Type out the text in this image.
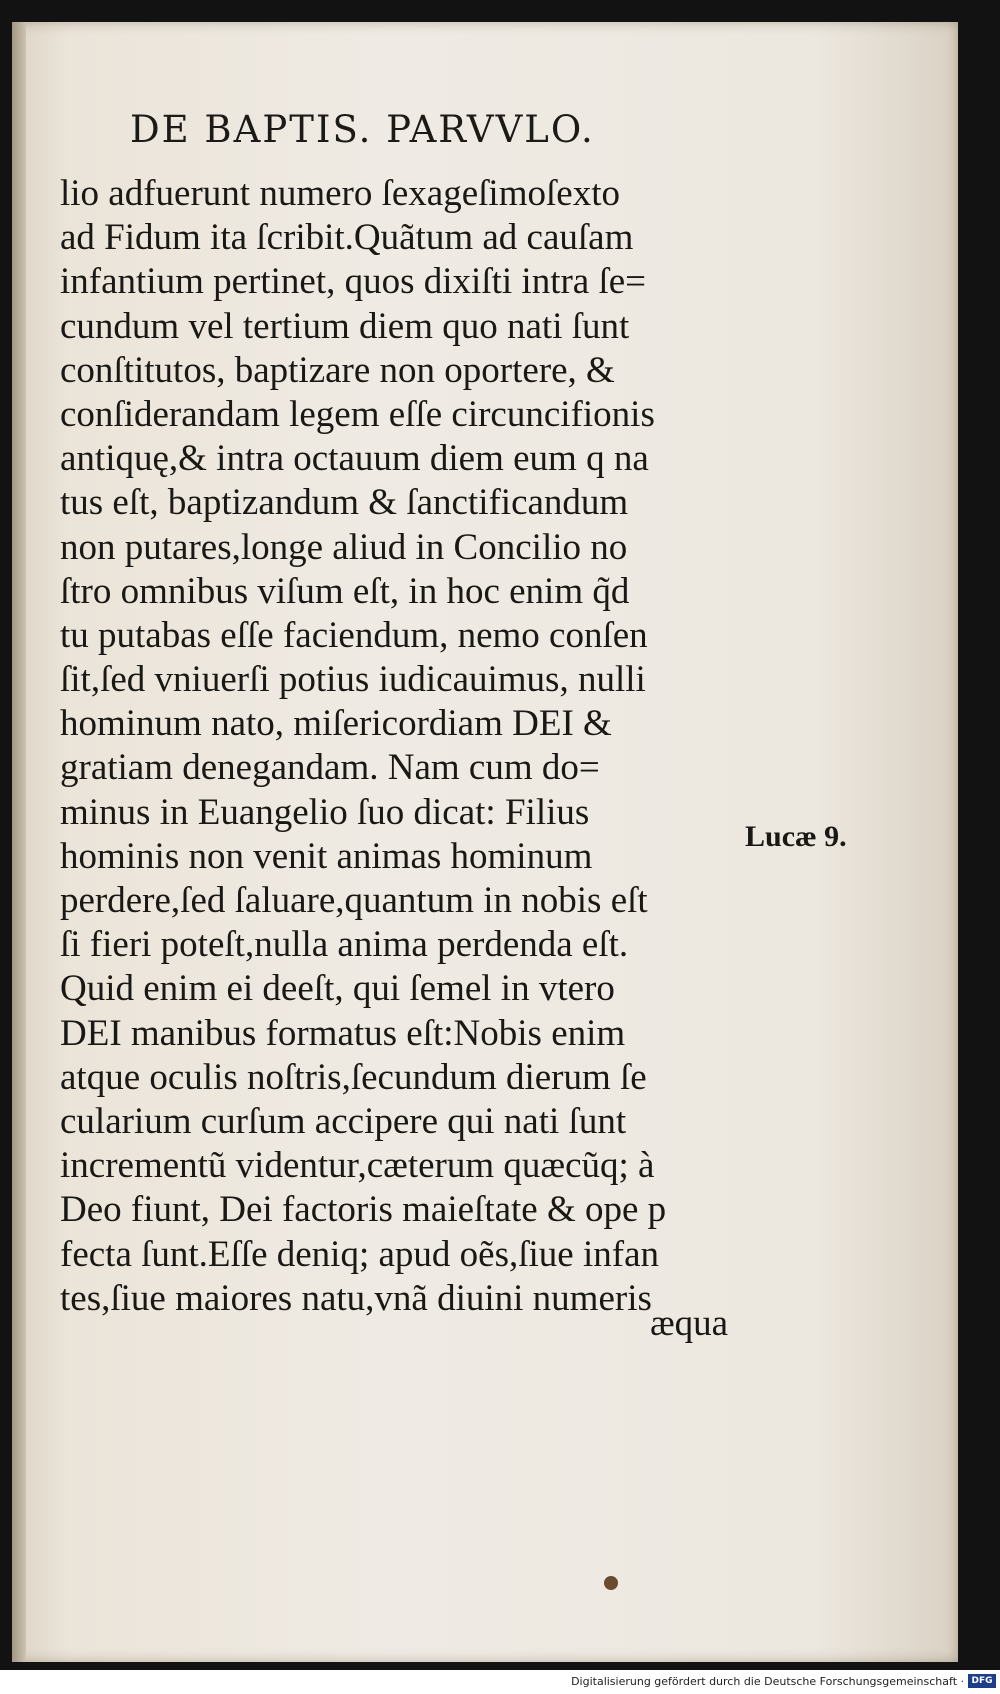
DE BAPTIS. PARVVLO.
lio adfuerunt numero ſexageſimoſexto
ad Fidum ita ſcribit.Quãtum ad cauſam
infantium pertinet, quos dixiſti intra ſe=
cundum vel tertium diem quo nati ſunt
conſtitutos, baptizare non oportere, &
conſiderandam legem eſſe circuncifionis
antiquę,& intra octauum diem eum q na
tus eſt, baptizandum & ſanctificandum
non putares,longe aliud in Concilio no
ſtro omnibus viſum eſt, in hoc enim q̃d
tu putabas eſſe faciendum, nemo conſen
ſit,ſed vniuerſi potius iudicauimus, nulli
hominum nato, miſericordiam DEI &
gratiam denegandam. Nam cum do=
minus in Euangelio ſuo dicat: Filius
hominis non venit animas hominum
perdere,ſed ſaluare,quantum in nobis eſt
ſi fieri poteſt,nulla anima perdenda eſt.
Quid enim ei deeſt, qui ſemel in vtero
DEI manibus formatus eſt:Nobis enim
atque oculis noſtris,ſecundum dierum ſe
cularium curſum accipere qui nati ſunt
incrementũ videntur,cæterum quæcũq; à
Deo fiunt, Dei factoris maieſtate & ope p
fecta ſunt.Eſſe deniq; apud oẽs,ſiue infan
tes,ſiue maiores natu,vnã diuini numeris
æqua
Lucæ 9.
Digitalisierung gefördert durch die Deutsche Forschungsgemeinschaft · DFG
